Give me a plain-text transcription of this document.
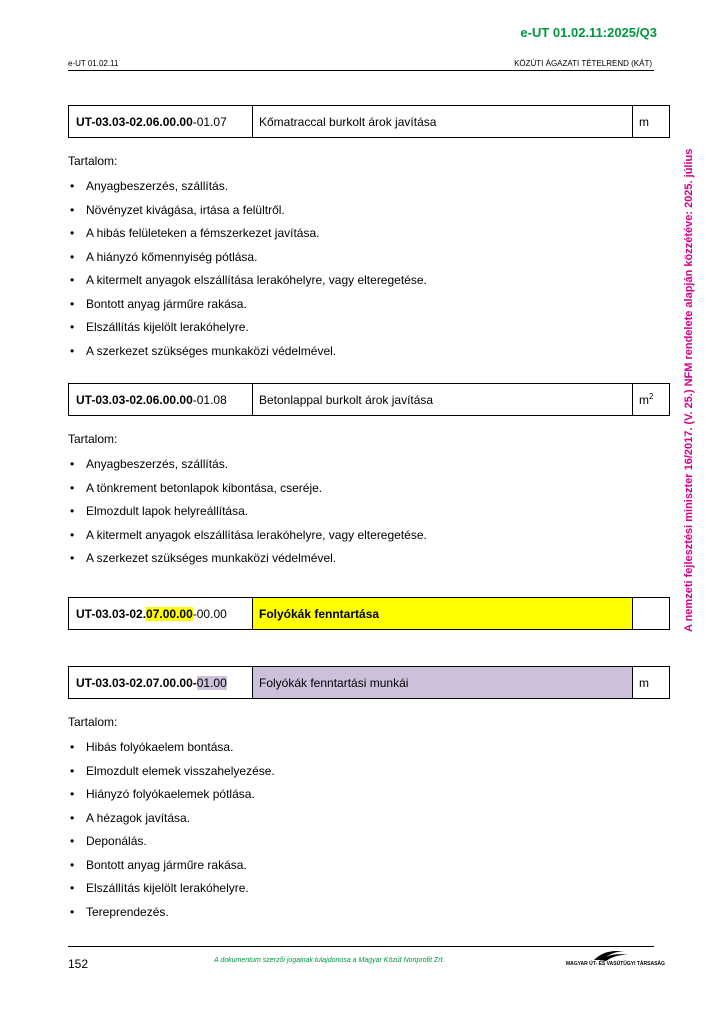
e-UT 01.02.11:2025/Q3
e-UT 01.02.11	KÖZÚTI ÁGAZATI TÉTELREND (KÁT)
A nemzeti fejlesztési miniszter 16/2017. (V. 25.) NFM rendelete alapján közzétéve: 2025. július
UT-03.03-02.06.00.00-01.07	Kőmatraccal burkolt árok javítása	m
Tartalom:
• Anyagbeszerzés, szállítás.
• Növényzet kivágása, irtása a felültről.
• A hibás felületeken a fémszerkezet javítása.
• A hiányzó kőmennyiség pótlása.
• A kitermelt anyagok elszállítása lerakóhelyre, vagy elteregetése.
• Bontott anyag járműre rakása.
• Elszállítás kijelölt lerakóhelyre.
• A szerkezet szükséges munkaközi védelmével.
UT-03.03-02.06.00.00-01.08	Betonlappal burkolt árok javítása	$m^2$
Tartalom:
• Anyagbeszerzés, szállítás.
• A tönkrement betonlapok kibontása, cseréje.
• Elmozdult lapok helyreállítása.
• A kitermelt anyagok elszállítása lerakóhelyre, vagy elteregetése.
• A szerkezet szükséges munkaközi védelmével.
UT-03.03-02.07.00.00-00.00	Folyókák fenntartása	
UT-03.03-02.07.00.00-01.00	Folyókák fenntartási munkái	m
Tartalom:
• Hibás folyókaelem bontása.
• Elmozdult elemek visszahelyezése.
• Hiányzó folyókaelemek pótlása.
• A hézagok javítása.
• Deponálás.
• Bontott anyag járműre rakása.
• Elszállítás kijelölt lerakóhelyre.
• Tereprendezés.
152	A dokumentum szerzői jogainak tulajdonosa a Magyar Közút Nonprofit Zrt.	MAGYAR ÚT- ÉS VASÚTÜGYI TÁRSASÁG
